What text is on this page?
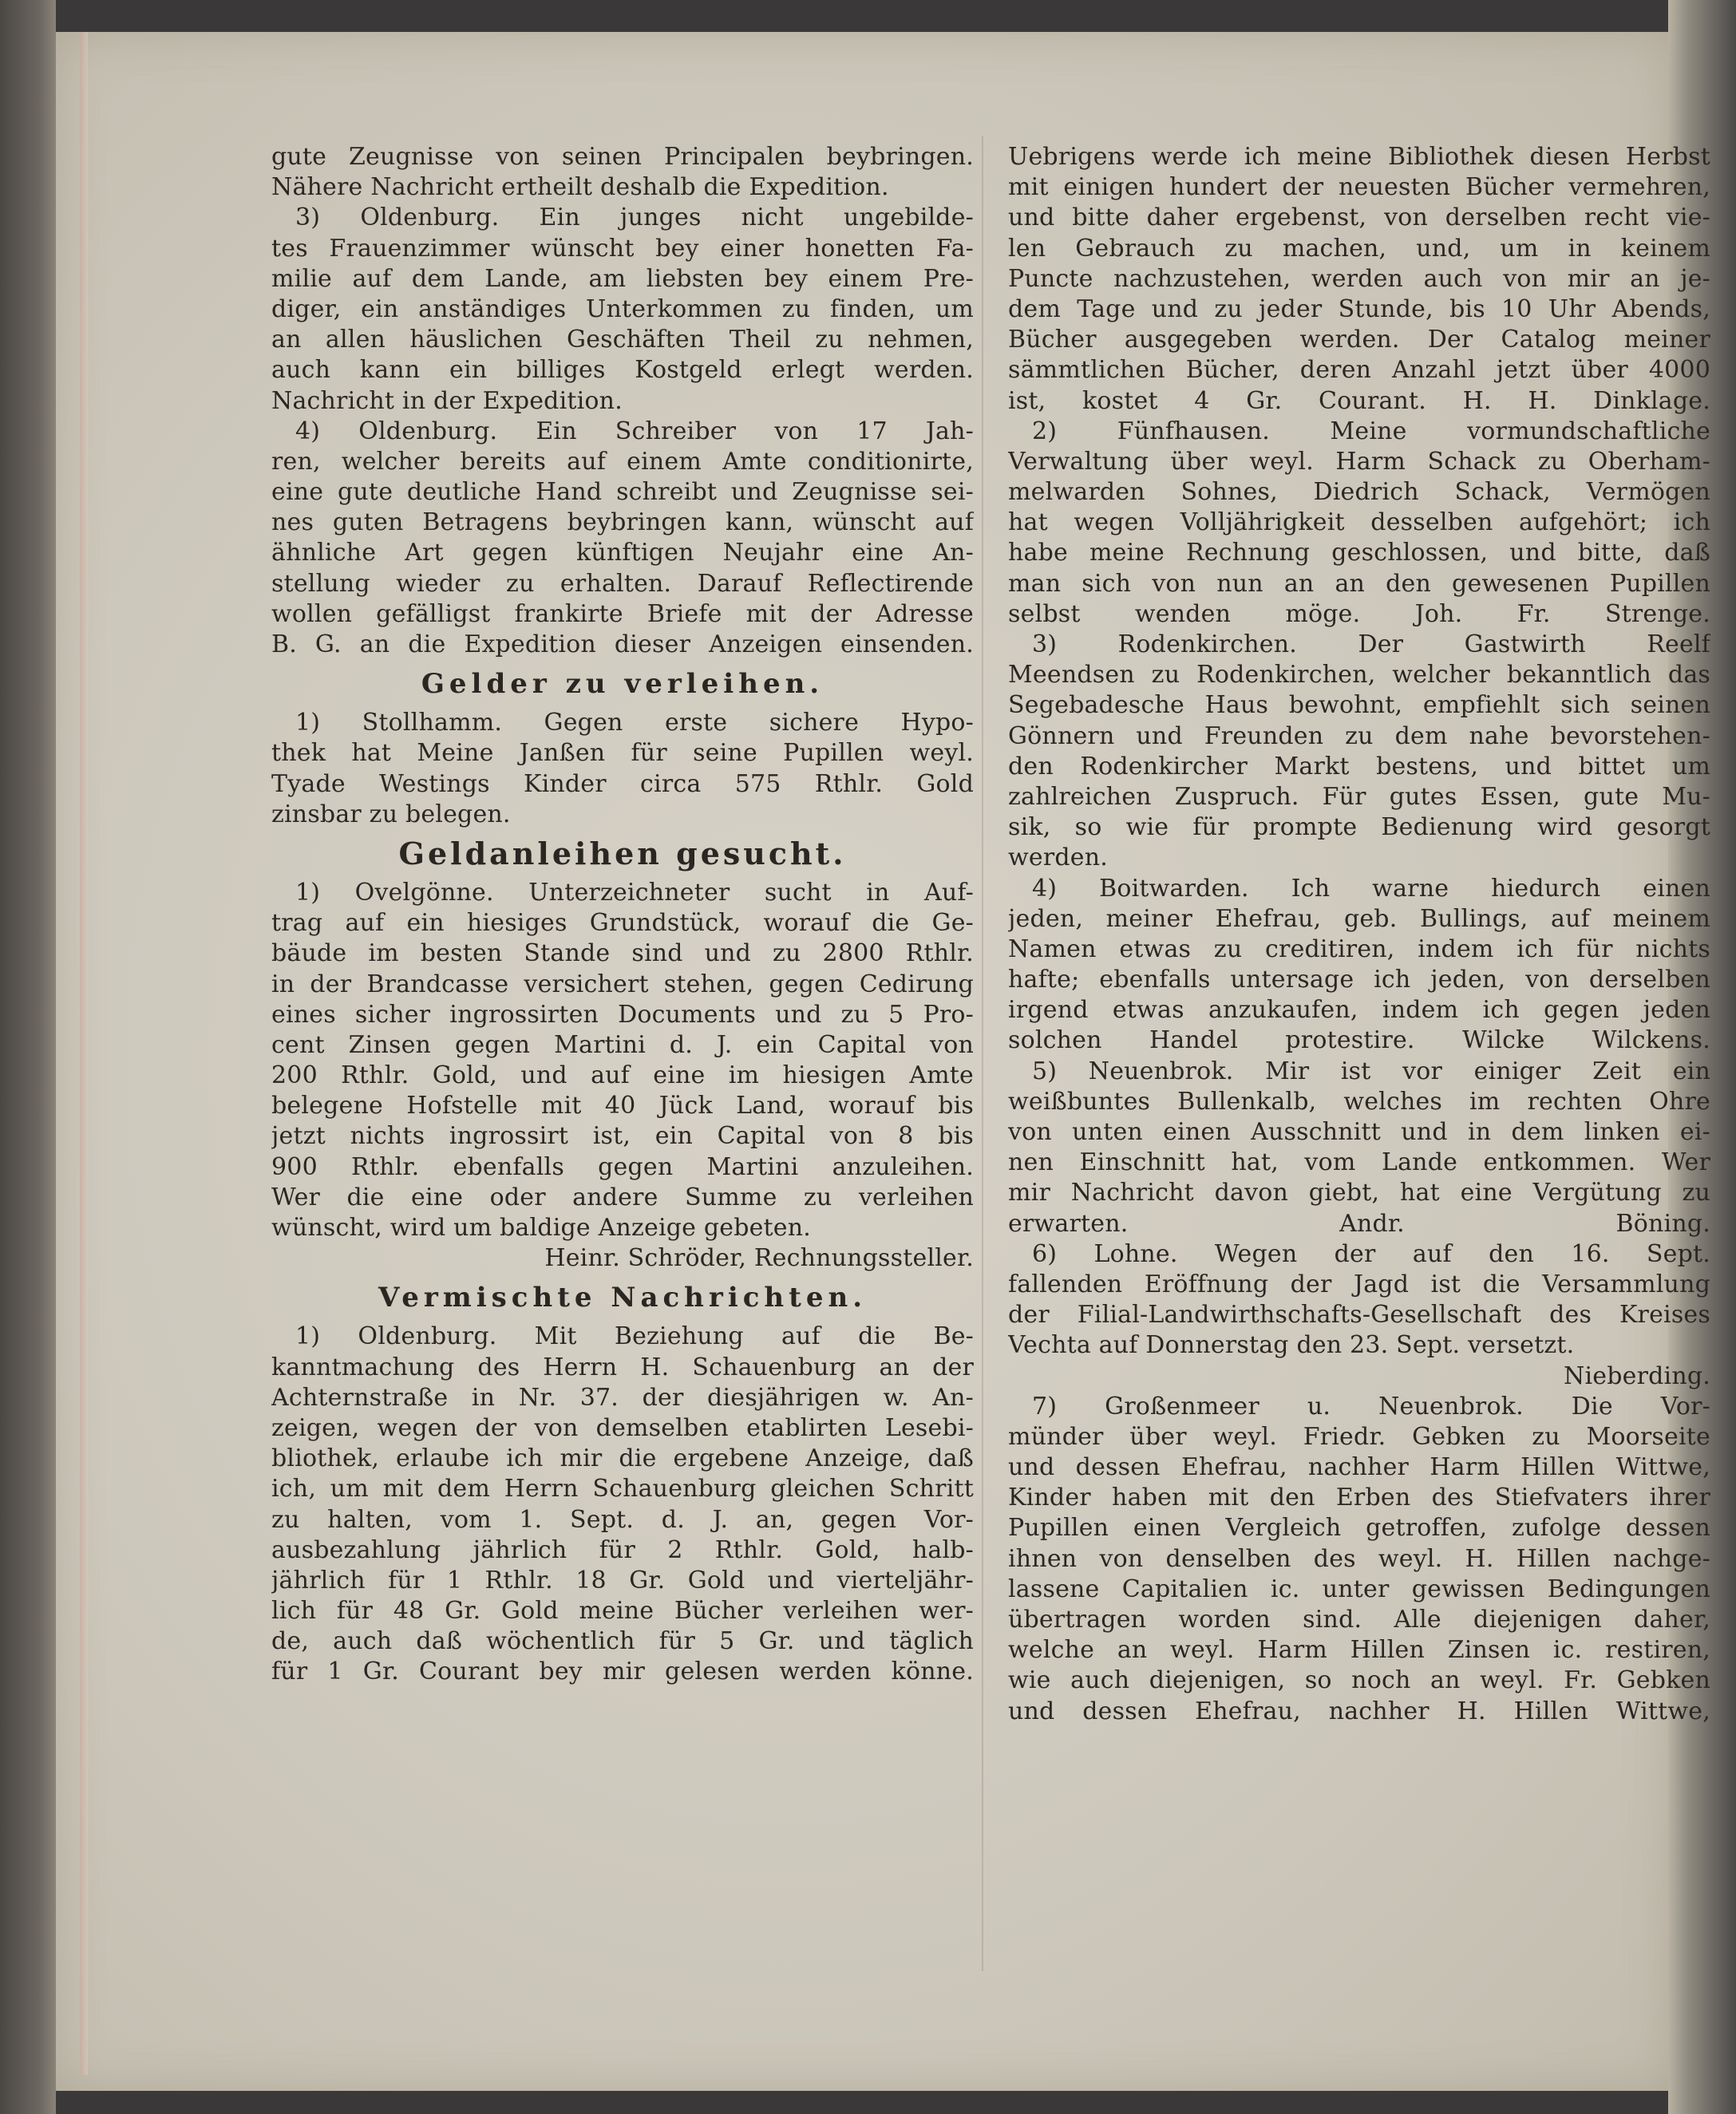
gute Zeugnisse von seinen Principalen beybringen.
Nähere Nachricht ertheilt deshalb die Expedition.
3) Oldenburg. Ein junges nicht ungebilde-
tes Frauenzimmer wünscht bey einer honetten Fa-
milie auf dem Lande, am liebsten bey einem Pre-
diger, ein anständiges Unterkommen zu finden, um
an allen häuslichen Geschäften Theil zu nehmen,
auch kann ein billiges Kostgeld erlegt werden.
Nachricht in der Expedition.
4) Oldenburg. Ein Schreiber von 17 Jah-
ren, welcher bereits auf einem Amte conditionirte,
eine gute deutliche Hand schreibt und Zeugnisse sei-
nes guten Betragens beybringen kann, wünscht auf
ähnliche Art gegen künftigen Neujahr eine An-
stellung wieder zu erhalten. Darauf Reflectirende
wollen gefälligst frankirte Briefe mit der Adresse
B. G. an die Expedition dieser Anzeigen einsenden.
Gelder zu verleihen.
1) Stollhamm. Gegen erste sichere Hypo-
thek hat Meine Janßen für seine Pupillen weyl.
Tyade Westings Kinder circa 575 Rthlr. Gold
zinsbar zu belegen.
Geldanleihen gesucht.
1) Ovelgönne. Unterzeichneter sucht in Auf-
trag auf ein hiesiges Grundstück, worauf die Ge-
bäude im besten Stande sind und zu 2800 Rthlr.
in der Brandcasse versichert stehen, gegen Cedirung
eines sicher ingrossirten Documents und zu 5 Pro-
cent Zinsen gegen Martini d. J. ein Capital von
200 Rthlr. Gold, und auf eine im hiesigen Amte
belegene Hofstelle mit 40 Jück Land, worauf bis
jetzt nichts ingrossirt ist, ein Capital von 8 bis
900 Rthlr. ebenfalls gegen Martini anzuleihen.
Wer die eine oder andere Summe zu verleihen
wünscht, wird um baldige Anzeige gebeten.
Heinr. Schröder, Rechnungssteller.
Vermischte Nachrichten.
1) Oldenburg. Mit Beziehung auf die Be-
kanntmachung des Herrn H. Schauenburg an der
Achternstraße in Nr. 37. der diesjährigen w. An-
zeigen, wegen der von demselben etablirten Lesebi-
bliothek, erlaube ich mir die ergebene Anzeige, daß
ich, um mit dem Herrn Schauenburg gleichen Schritt
zu halten, vom 1. Sept. d. J. an, gegen Vor-
ausbezahlung jährlich für 2 Rthlr. Gold, halb-
jährlich für 1 Rthlr. 18 Gr. Gold und vierteljähr-
lich für 48 Gr. Gold meine Bücher verleihen wer-
de, auch daß wöchentlich für 5 Gr. und täglich
für 1 Gr. Courant bey mir gelesen werden könne.
Uebrigens werde ich meine Bibliothek diesen Herbst
mit einigen hundert der neuesten Bücher vermehren,
und bitte daher ergebenst, von derselben recht vie-
len Gebrauch zu machen, und, um in keinem
Puncte nachzustehen, werden auch von mir an je-
dem Tage und zu jeder Stunde, bis 10 Uhr Abends,
Bücher ausgegeben werden. Der Catalog meiner
sämmtlichen Bücher, deren Anzahl jetzt über 4000
ist, kostet 4 Gr. Courant. H. H. Dinklage.
2) Fünfhausen. Meine vormundschaftliche
Verwaltung über weyl. Harm Schack zu Oberham-
melwarden Sohnes, Diedrich Schack, Vermögen
hat wegen Volljährigkeit desselben aufgehört; ich
habe meine Rechnung geschlossen, und bitte, daß
man sich von nun an an den gewesenen Pupillen
selbst wenden möge. Joh. Fr. Strenge.
3) Rodenkirchen. Der Gastwirth Reelf
Meendsen zu Rodenkirchen, welcher bekanntlich das
Segebadesche Haus bewohnt, empfiehlt sich seinen
Gönnern und Freunden zu dem nahe bevorstehen-
den Rodenkircher Markt bestens, und bittet um
zahlreichen Zuspruch. Für gutes Essen, gute Mu-
sik, so wie für prompte Bedienung wird gesorgt
werden.
4) Boitwarden. Ich warne hiedurch einen
jeden, meiner Ehefrau, geb. Bullings, auf meinem
Namen etwas zu creditiren, indem ich für nichts
hafte; ebenfalls untersage ich jeden, von derselben
irgend etwas anzukaufen, indem ich gegen jeden
solchen Handel protestire. Wilcke Wilckens.
5) Neuenbrok. Mir ist vor einiger Zeit ein
weißbuntes Bullenkalb, welches im rechten Ohre
von unten einen Ausschnitt und in dem linken ei-
nen Einschnitt hat, vom Lande entkommen. Wer
mir Nachricht davon giebt, hat eine Vergütung zu
erwarten. Andr. Böning.
6) Lohne. Wegen der auf den 16. Sept.
fallenden Eröffnung der Jagd ist die Versammlung
der Filial-Landwirthschafts-Gesellschaft des Kreises
Vechta auf Donnerstag den 23. Sept. versetzt.
Nieberding.
7) Großenmeer u. Neuenbrok. Die Vor-
münder über weyl. Friedr. Gebken zu Moorseite
und dessen Ehefrau, nachher Harm Hillen Wittwe,
Kinder haben mit den Erben des Stiefvaters ihrer
Pupillen einen Vergleich getroffen, zufolge dessen
ihnen von denselben des weyl. H. Hillen nachge-
lassene Capitalien ic. unter gewissen Bedingungen
übertragen worden sind. Alle diejenigen daher,
welche an weyl. Harm Hillen Zinsen ic. restiren,
wie auch diejenigen, so noch an weyl. Fr. Gebken
und dessen Ehefrau, nachher H. Hillen Wittwe,
